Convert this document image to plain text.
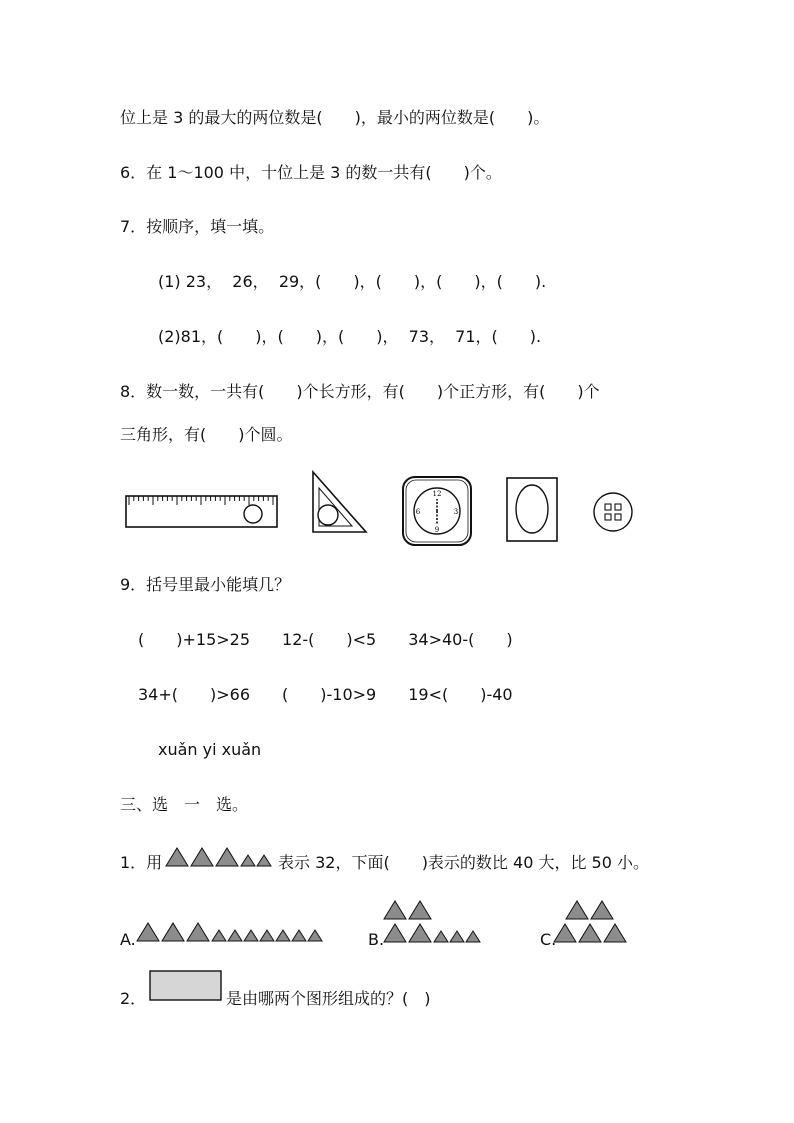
位上是 3 的最大的两位数是(　　)，最小的两位数是(　　)。
6．在 1～100 中，十位上是 3 的数一共有(　　)个。
7．按顺序，填一填。
(1) 23，  26，  29，(　　)，(　　)，(　　)，(　　).
(2)81，(　　)，(　　)，(　　)，  73，  71，(　　).
8．数一数，一共有(　　)个长方形，有(　　)个正方形，有(　　)个
三角形，有(　　)个圆。
12
3
9
6
9．括号里最小能填几？
(　　)+15>25　　12-(　　)<5　　34>40-(　　)
34+(　　)>66　　(　　)-10>9　　19<(　　)-40
xuǎn yi xuǎn
三、选　一　选。
1．用	表示 32，下面(　　)表示的数比 40 大，比 50 小。
A.	B.	C.
2．	是由哪两个图形组成的？(　)
